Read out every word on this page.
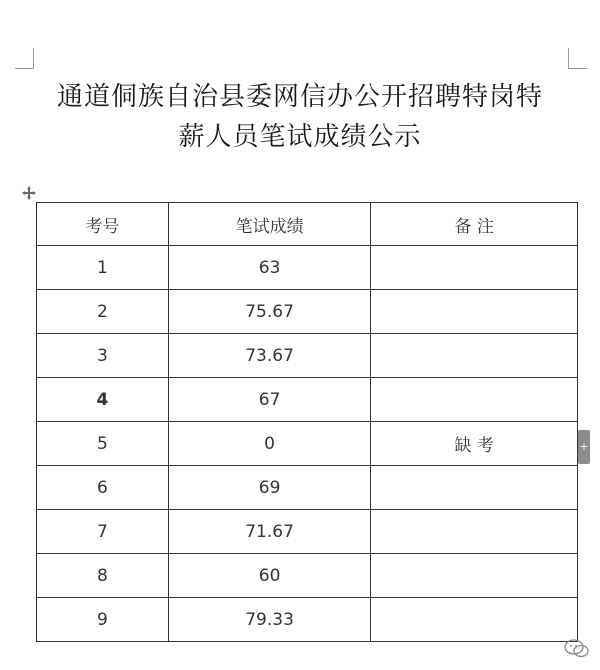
通道侗族自治县委网信办公开招聘特岗特
薪人员笔试成绩公示
考号	笔试成绩	备 注
1	63	
2	75.67	
3	73.67	
4	67	
5	0	缺 考
6	69	
7	71.67	
8	60	
9	79.33	
+
